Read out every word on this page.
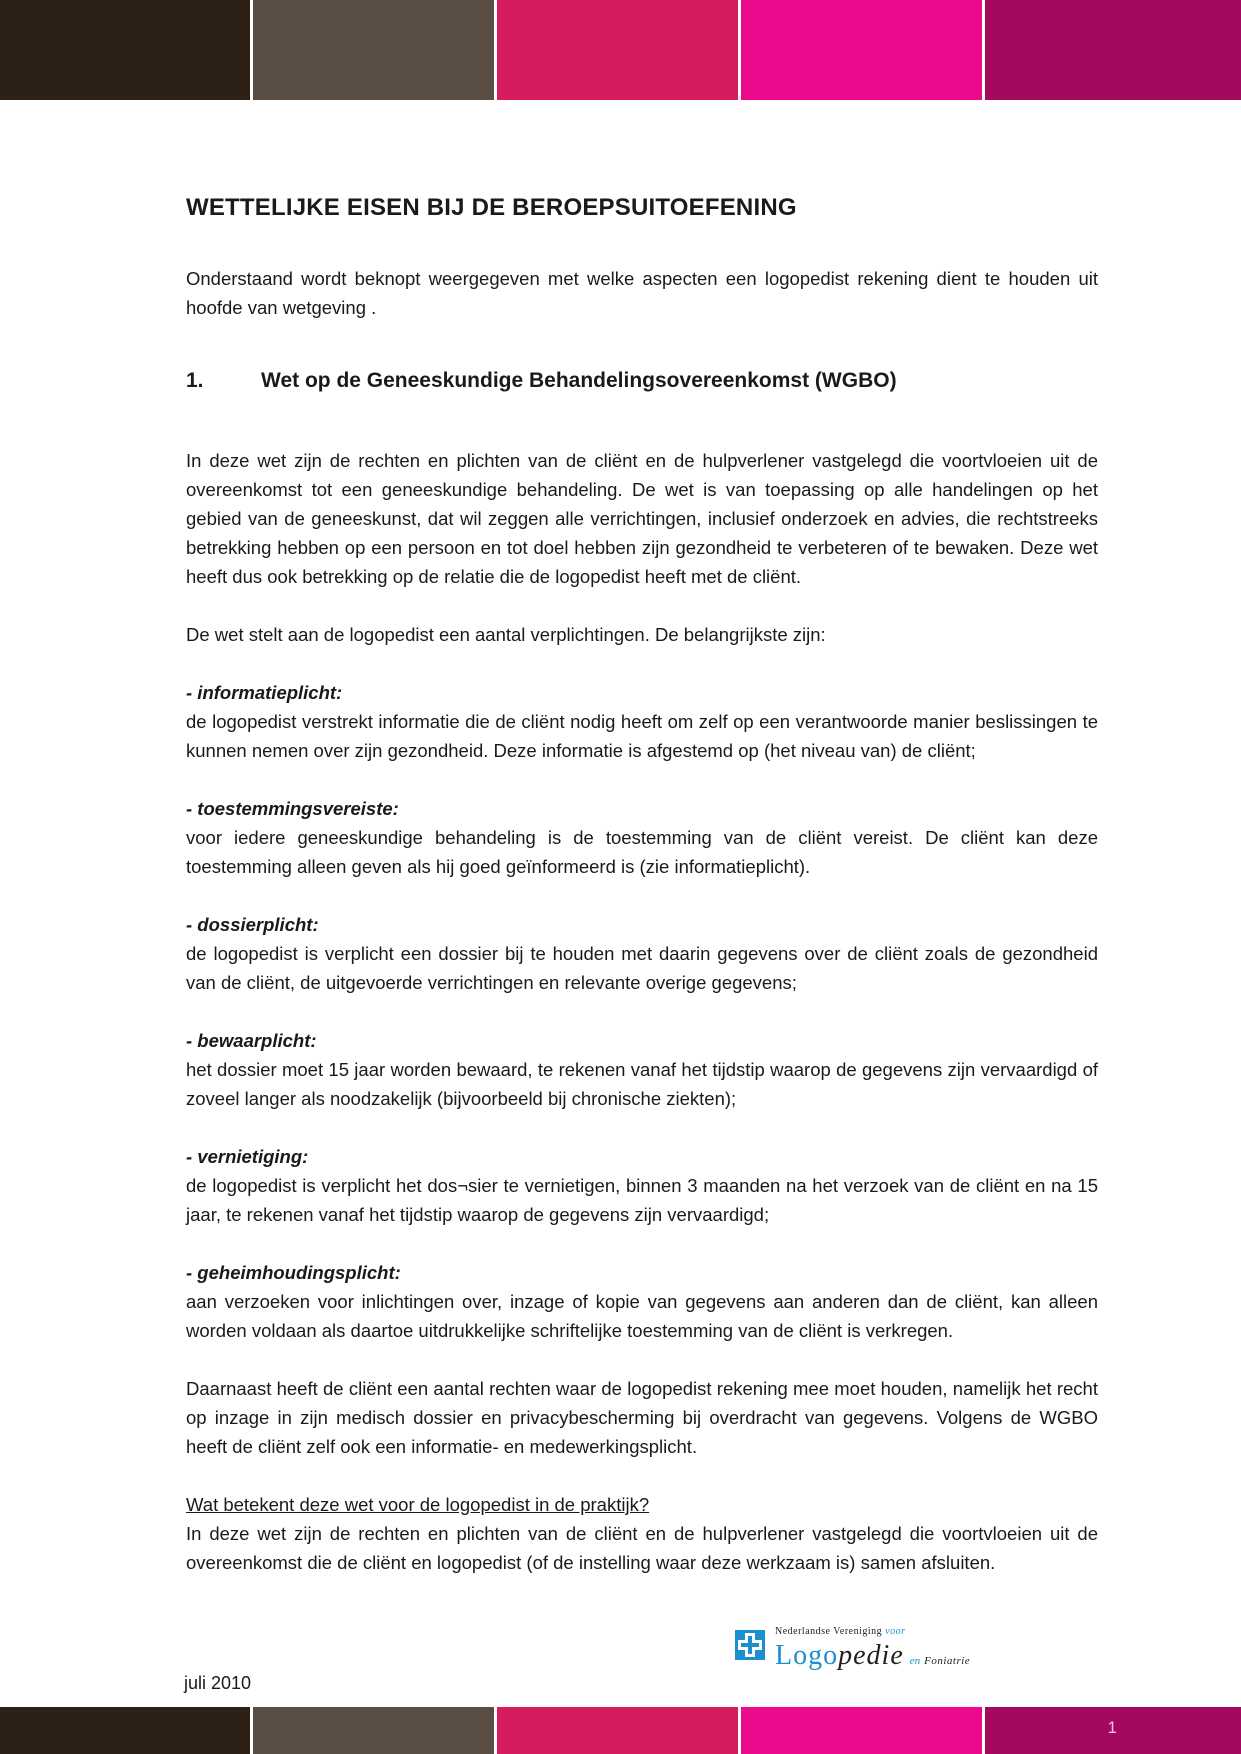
WETTELIJKE EISEN BIJ DE BEROEPSUITOEFENING

Onderstaand wordt beknopt weergegeven met welke aspecten een logopedist rekening dient te houden uit hoofde van wetgeving .

1.	Wet op de Geneeskundige Behandelingsovereenkomst (WGBO)

In deze wet zijn de rechten en plichten van de cliënt en de hulpverlener vastgelegd die voortvloeien uit de overeenkomst tot een geneeskundige behandeling. De wet is van toepassing op alle handelingen op het gebied van de geneeskunst, dat wil zeggen alle verrichtingen, inclusief onderzoek en advies, die rechtstreeks betrekking hebben op een persoon en tot doel hebben zijn gezondheid te verbeteren of te bewaken. Deze wet heeft dus ook betrekking op de relatie die de logopedist heeft met de cliënt.

De wet stelt aan de logopedist een aantal verplichtingen. De belangrijkste zijn:

- informatieplicht:

de logopedist verstrekt informatie die de cliënt nodig heeft om zelf op een verantwoorde manier beslissingen te kunnen nemen over zijn gezondheid. Deze informatie is afgestemd op (het niveau van) de cliënt;

- toestemmingsvereiste:

voor iedere geneeskundige behandeling is de toestemming van de cliënt vereist. De cliënt kan deze toestemming alleen geven als hij goed geïnformeerd is (zie informatieplicht).

- dossierplicht:

de logopedist is verplicht een dossier bij te houden met daarin gegevens over de cliënt zoals de gezondheid van de cliënt, de uitgevoerde verrichtingen en relevante overige gegevens;

- bewaarplicht:

het dossier moet 15 jaar worden bewaard, te rekenen vanaf het tijdstip waarop de gegevens zijn vervaardigd of zoveel langer als noodzakelijk (bijvoorbeeld bij chronische ziekten);

- vernietiging:

de logopedist is verplicht het dos¬sier te vernietigen, binnen 3 maanden na het verzoek van de cliënt en na 15 jaar, te rekenen vanaf het tijdstip waarop de gegevens zijn vervaardigd;

- geheimhoudingsplicht:

aan verzoeken voor inlichtingen over, inzage of kopie van gegevens aan anderen dan de cliënt, kan alleen worden voldaan als daartoe uitdrukkelijke schriftelijke toestemming van de cliënt is verkregen.

Daarnaast heeft de cliënt een aantal rechten waar de logopedist rekening mee moet houden, namelijk het recht op inzage in zijn medisch dossier en privacybescherming bij overdracht van gegevens. Volgens de WGBO heeft de cliënt zelf ook een informatie- en medewerkingsplicht.

Wat betekent deze wet voor de logopedist in de praktijk?

In deze wet zijn de rechten en plichten van de cliënt en de hulpverlener vastgelegd die voortvloeien uit de overeenkomst die de cliënt en logopedist (of de instelling waar deze werkzaam is) samen afsluiten.

Nederlandse Vereniging voor
Logopedie en Foniatrie
juli 2010
1
